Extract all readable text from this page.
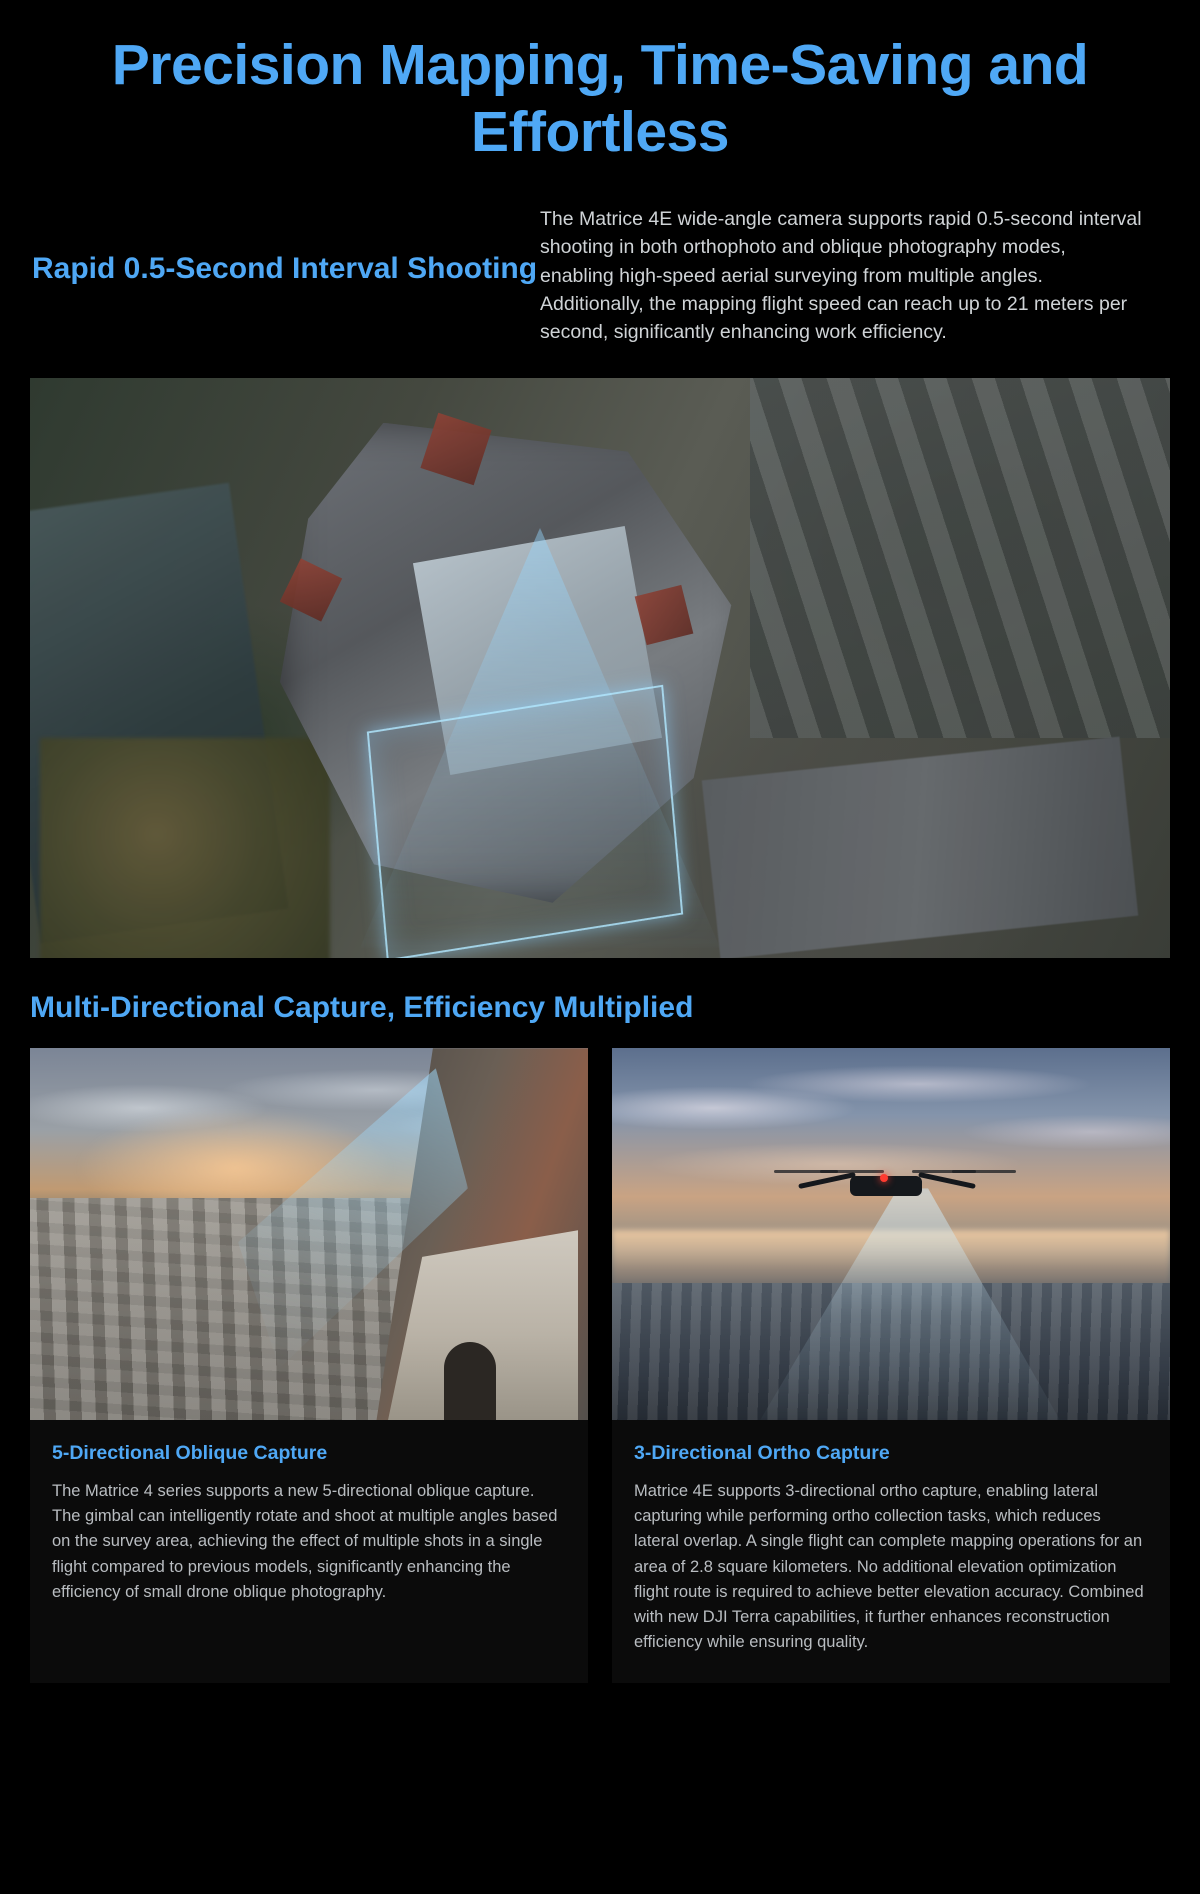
Precision Mapping, Time-Saving and Effortless
Rapid 0.5-Second Interval Shooting

The Matrice 4E wide-angle camera supports rapid 0.5-second interval shooting in both orthophoto and oblique photography modes, enabling high-speed aerial surveying from multiple angles. Additionally, the mapping flight speed can reach up to 21 meters per second, significantly enhancing work efficiency.

Multi-Directional Capture, Efficiency Multiplied
5-Directional Oblique Capture

The Matrice 4 series supports a new 5-directional oblique capture. The gimbal can intelligently rotate and shoot at multiple angles based on the survey area, achieving the effect of multiple shots in a single flight compared to previous models, significantly enhancing the efficiency of small drone oblique photography.

3-Directional Ortho Capture

Matrice 4E supports 3-directional ortho capture, enabling lateral capturing while performing ortho collection tasks, which reduces lateral overlap. A single flight can complete mapping operations for an area of 2.8 square kilometers. No additional elevation optimization flight route is required to achieve better elevation accuracy. Combined with new DJI Terra capabilities, it further enhances reconstruction efficiency while ensuring quality.
